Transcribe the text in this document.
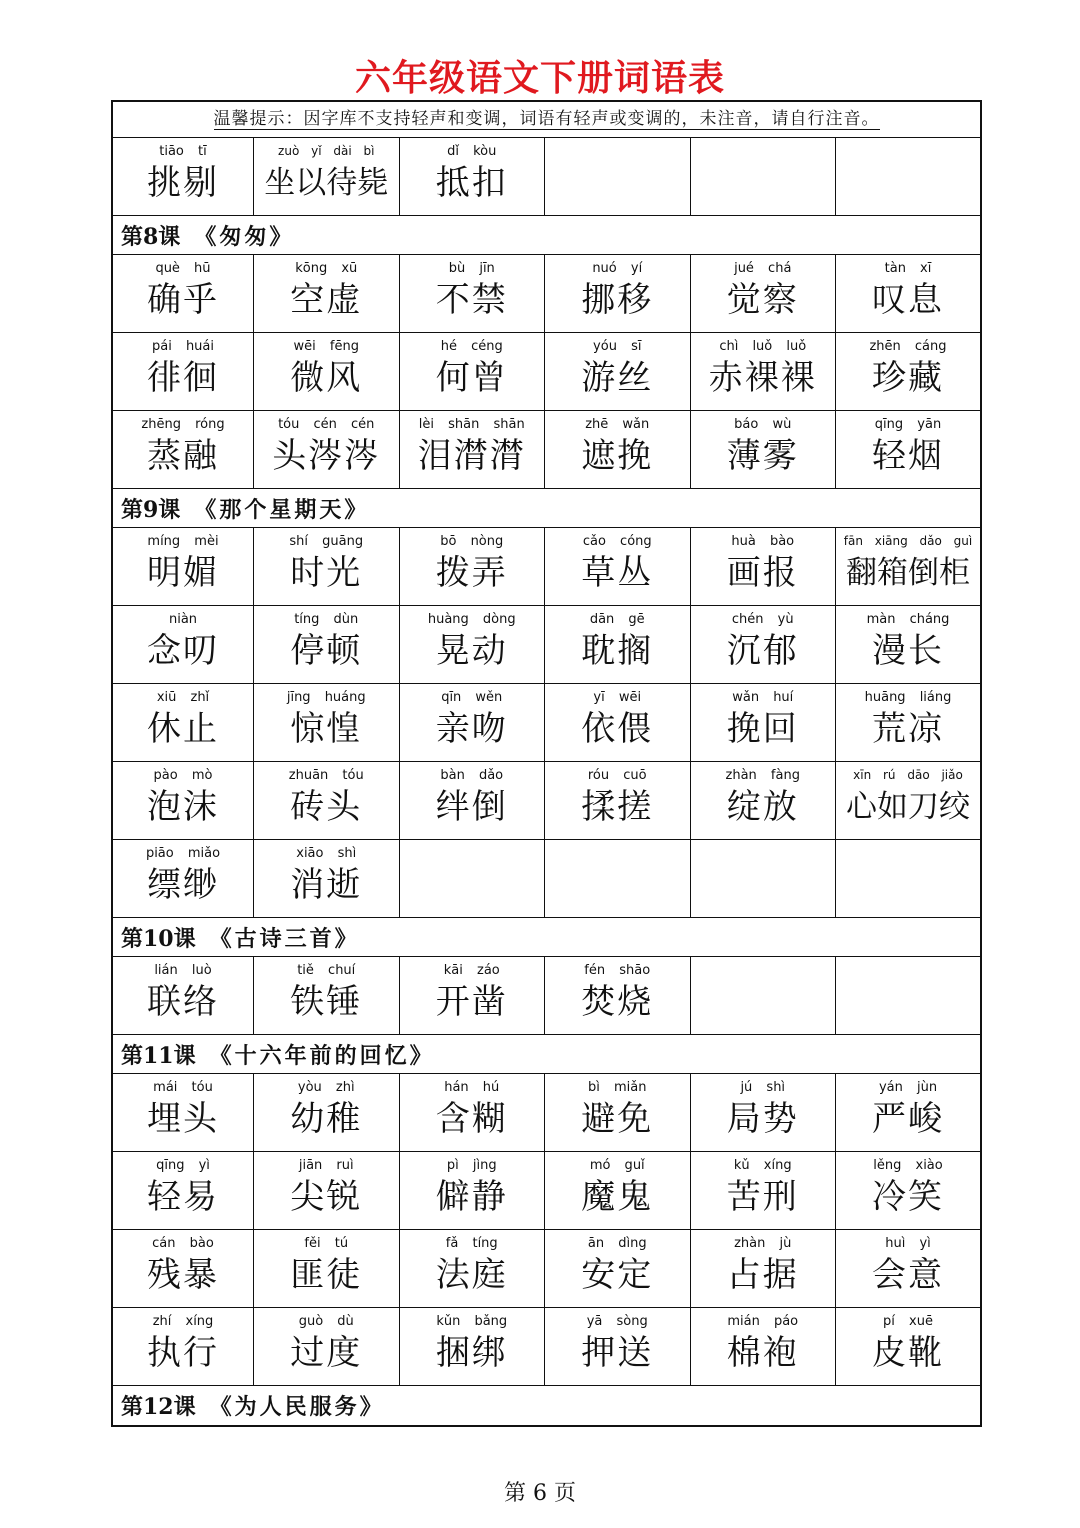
六年级语文下册词语表
温馨提示：因字库不支持轻声和变调，词语有轻声或变调的，未注音，请自行注音。
tiāo tī
挑剔
zuò yǐ dài bì
坐以待毙
dǐ kòu
抵扣
第8课 《匆匆》
què hū
确乎
kōng xū
空虚
bù jīn
不禁
nuó yí
挪移
jué chá
觉察
tàn xī
叹息
pái huái
徘徊
wēi fēng
微风
hé céng
何曾
yóu sī
游丝
chì luǒ luǒ
赤裸裸
zhēn cáng
珍藏
zhēng róng
蒸融
tóu cén cén
头涔涔
lèi shān shān
泪潸潸
zhē wǎn
遮挽
báo wù
薄雾
qīng yān
轻烟
第9课 《那个星期天》
míng mèi
明媚
shí guāng
时光
bō nòng
拨弄
cǎo cóng
草丛
huà bào
画报
fān xiāng dǎo guì
翻箱倒柜
niàn
念叨
tíng dùn
停顿
huàng dòng
晃动
dān gē
耽搁
chén yù
沉郁
màn cháng
漫长
xiū zhǐ
休止
jīng huáng
惊惶
qīn wěn
亲吻
yī wēi
依偎
wǎn huí
挽回
huāng liáng
荒凉
pào mò
泡沫
zhuān tóu
砖头
bàn dǎo
绊倒
róu cuō
揉搓
zhàn fàng
绽放
xīn rú dāo jiǎo
心如刀绞
piāo miǎo
缥缈
xiāo shì
消逝
第10课 《古诗三首》
lián luò
联络
tiě chuí
铁锤
kāi záo
开凿
fén shāo
焚烧
第11课 《十六年前的回忆》
mái tóu
埋头
yòu zhì
幼稚
hán hú
含糊
bì miǎn
避免
jú shì
局势
yán jùn
严峻
qīng yì
轻易
jiān ruì
尖锐
pì jìng
僻静
mó guǐ
魔鬼
kǔ xíng
苦刑
lěng xiào
冷笑
cán bào
残暴
fěi tú
匪徒
fǎ tíng
法庭
ān dìng
安定
zhàn jù
占据
huì yì
会意
zhí xíng
执行
guò dù
过度
kǔn bǎng
捆绑
yā sòng
押送
mián páo
棉袍
pí xuē
皮靴
第12课 《为人民服务》
第 6 页
